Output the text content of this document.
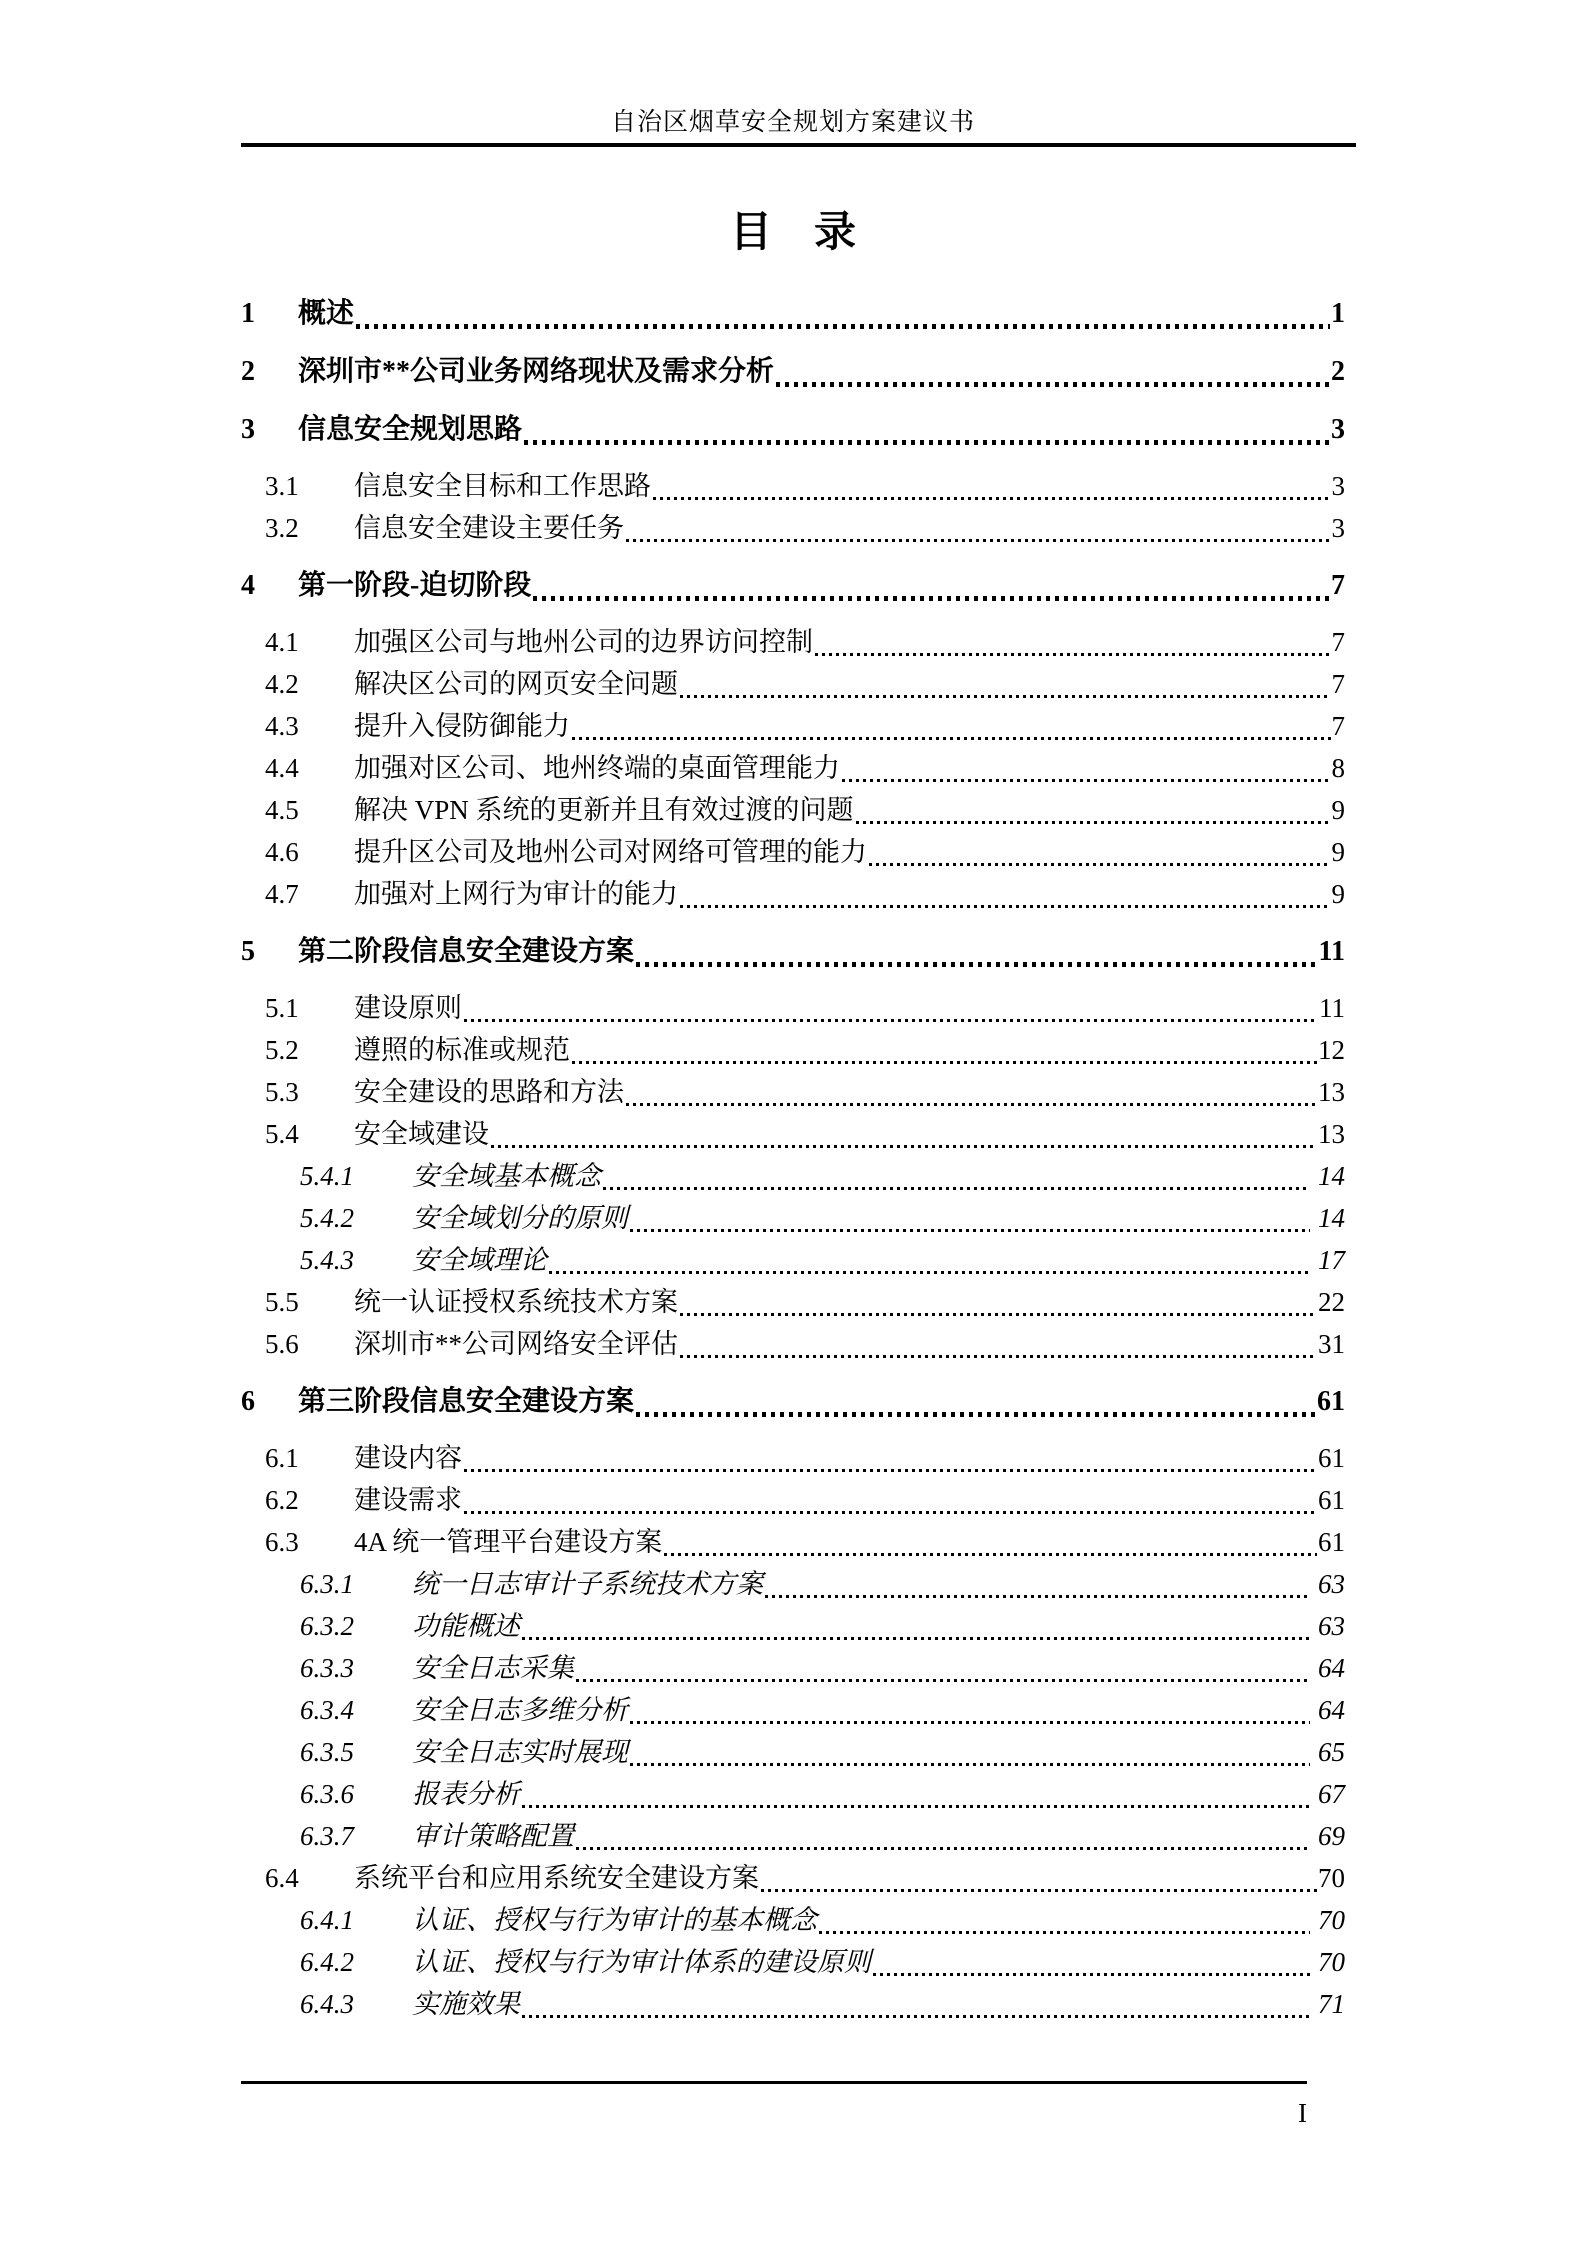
自治区烟草安全规划方案建议书
目　录
1	概述	1
2	深圳市**公司业务网络现状及需求分析	2
3	信息安全规划思路	3
3.1	信息安全目标和工作思路	3
3.2	信息安全建设主要任务	3
4	第一阶段-迫切阶段	7
4.1	加强区公司与地州公司的边界访问控制	7
4.2	解决区公司的网页安全问题	7
4.3	提升入侵防御能力	7
4.4	加强对区公司、地州终端的桌面管理能力	8
4.5	解决 VPN 系统的更新并且有效过渡的问题	9
4.6	提升区公司及地州公司对网络可管理的能力	9
4.7	加强对上网行为审计的能力	9
5	第二阶段信息安全建设方案	11
5.1	建设原则	11
5.2	遵照的标准或规范	12
5.3	安全建设的思路和方法	13
5.4	安全域建设	13
5.4.1	安全域基本概念	14
5.4.2	安全域划分的原则	14
5.4.3	安全域理论	17
5.5	统一认证授权系统技术方案	22
5.6	深圳市**公司网络安全评估	31
6	第三阶段信息安全建设方案	61
6.1	建设内容	61
6.2	建设需求	61
6.3	4A 统一管理平台建设方案	61
6.3.1	统一日志审计子系统技术方案	63
6.3.2	功能概述	63
6.3.3	安全日志采集	64
6.3.4	安全日志多维分析	64
6.3.5	安全日志实时展现	65
6.3.6	报表分析	67
6.3.7	审计策略配置	69
6.4	系统平台和应用系统安全建设方案	70
6.4.1	认证、授权与行为审计的基本概念	70
6.4.2	认证、授权与行为审计体系的建设原则	70
6.4.3	实施效果	71
I
